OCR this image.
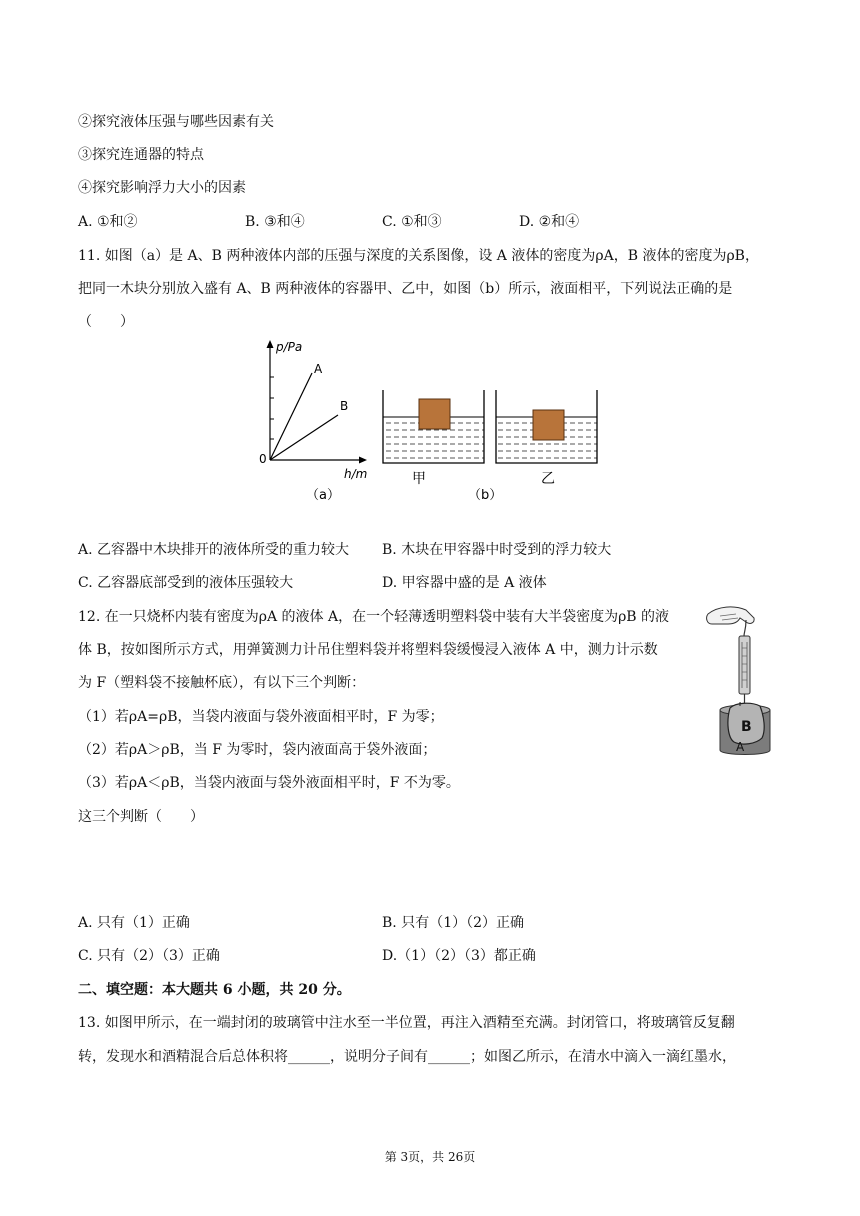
②探究液体压强与哪些因素有关
③探究连通器的特点
④探究影响浮力大小的因素
A. ①和②	B. ③和④	C. ①和③	D. ②和④
11. 如图（a）是 A、B 两种液体内部的压强与深度的关系图像，设 A 液体的密度为ρA，B 液体的密度为ρB，
把同一木块分别放入盛有 A、B 两种液体的容器甲、乙中，如图（b）所示，液面相平，下列说法正确的是
（　　）
p/Pa
h/m
0
A
B
（a）
甲	乙
（b）
A. 乙容器中木块排开的液体所受的重力较大 B. 木块在甲容器中时受到的浮力较大
C. 乙容器底部受到的液体压强较大	D. 甲容器中盛的是 A 液体
12. 在一只烧杯内装有密度为ρA 的液体 A，在一个轻薄透明塑料袋中装有大半袋密度为ρB 的液
体 B，按如图所示方式，用弹簧测力计吊住塑料袋并将塑料袋缓慢浸入液体 A 中，测力计示数
为 F（塑料袋不接触杯底），有以下三个判断：
（1）若ρA=ρB，当袋内液面与袋外液面相平时，F 为零；
（2）若ρA＞ρB，当 F 为零时，袋内液面高于袋外液面；
（3）若ρA＜ρB，当袋内液面与袋外液面相平时，F 不为零。
这三个判断（　　）
B
A
A. 只有（1）正确	B. 只有（1）（2）正确
C. 只有（2）（3）正确	D.（1）（2）（3）都正确
二、填空题：本大题共 6 小题，共 20 分。
13. 如图甲所示，在一端封闭的玻璃管中注水至一半位置，再注入酒精至充满。封闭管口，将玻璃管反复翻
转，发现水和酒精混合后总体积将______，说明分子间有______；如图乙所示，在清水中滴入一滴红墨水，
第 3页，共 26页
